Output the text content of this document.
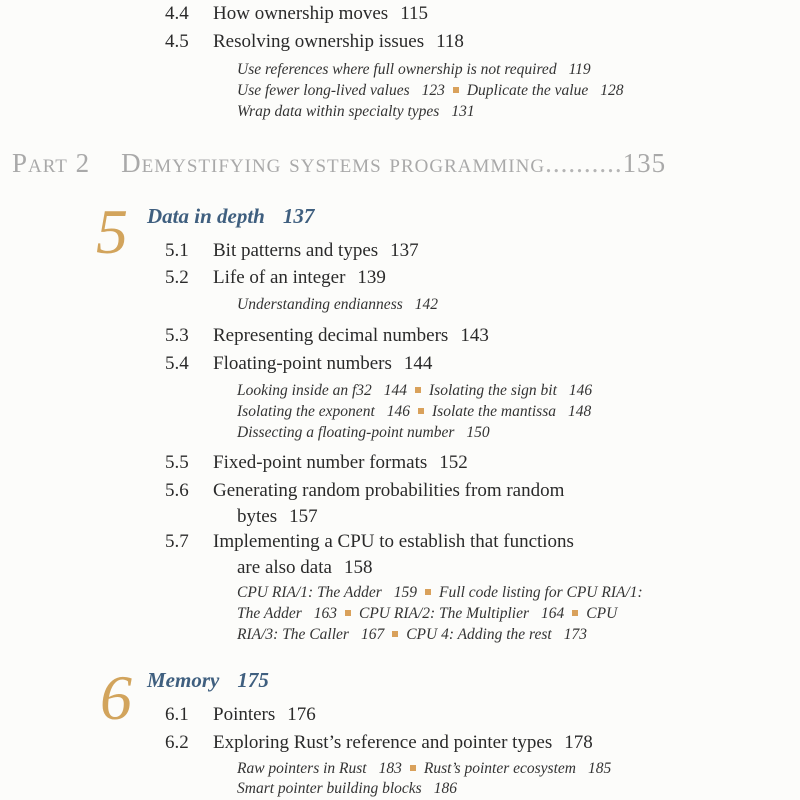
4.4 How ownership moves 115
4.5 Resolving ownership issues 118
Use references where full ownership is not required 119
Use fewer long-lived values 123 Duplicate the value 128
Wrap data within specialty types 131
Part 2 Demystifying systems programming..........135
5 Data in depth 137
5.1 Bit patterns and types 137
5.2 Life of an integer 139
Understanding endianness 142
5.3 Representing decimal numbers 143
5.4 Floating-point numbers 144
Looking inside an f32 144 Isolating the sign bit 146
Isolating the exponent 146 Isolate the mantissa 148
Dissecting a floating-point number 150
5.5 Fixed-point number formats 152
5.6 Generating random probabilities from random
bytes 157
5.7 Implementing a CPU to establish that functions
are also data 158
CPU RIA/1: The Adder 159 Full code listing for CPU RIA/1:
The Adder 163 CPU RIA/2: The Multiplier 164 CPU
RIA/3: The Caller 167 CPU 4: Adding the rest 173
6 Memory 175
6.1 Pointers 176
6.2 Exploring Rust’s reference and pointer types 178
Raw pointers in Rust 183 Rust’s pointer ecosystem 185
Smart pointer building blocks 186
